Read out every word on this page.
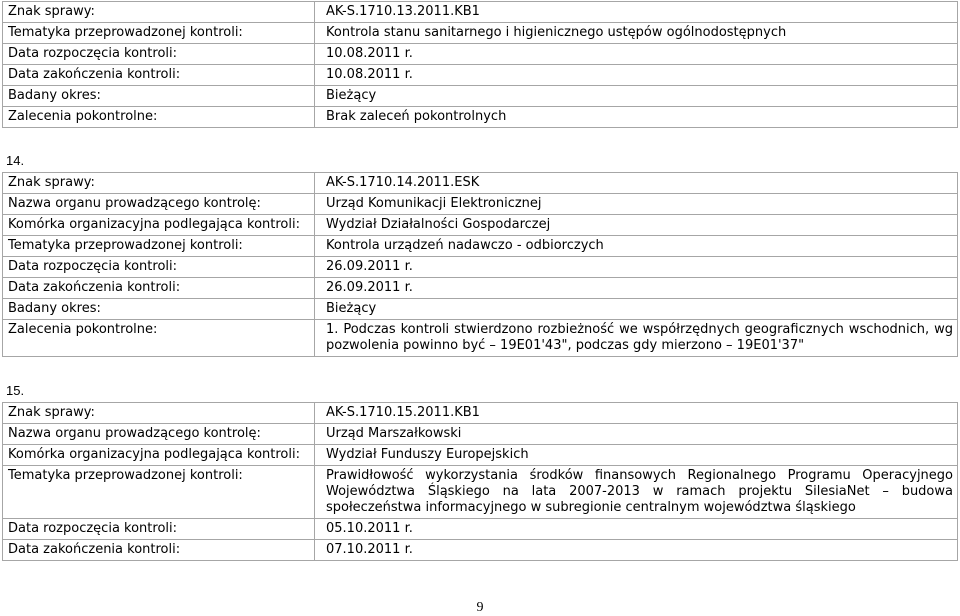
Znak sprawy:	AK-S.1710.13.2011.KB1
Tematyka przeprowadzonej kontroli:	Kontrola stanu sanitarnego i higienicznego ustępów ogólnodostępnych
Data rozpoczęcia kontroli:	10.08.2011 r.
Data zakończenia kontroli:	10.08.2011 r.
Badany okres:	Bieżący
Zalecenia pokontrolne:	Brak zaleceń pokontrolnych
14.
Znak sprawy:	AK-S.1710.14.2011.ESK
Nazwa organu prowadzącego kontrolę:	Urząd Komunikacji Elektronicznej
Komórka organizacyjna podlegająca kontroli:	Wydział Działalności Gospodarczej
Tematyka przeprowadzonej kontroli:	Kontrola urządzeń nadawczo - odbiorczych
Data rozpoczęcia kontroli:	26.09.2011 r.
Data zakończenia kontroli:	26.09.2011 r.
Badany okres:	Bieżący
Zalecenia pokontrolne:	1. Podczas kontroli stwierdzono rozbieżność we współrzędnych geograficznych wschodnich, wg pozwolenia powinno być – 19E01'43", podczas gdy mierzono – 19E01'37"
15.
Znak sprawy:	AK-S.1710.15.2011.KB1
Nazwa organu prowadzącego kontrolę:	Urząd Marszałkowski
Komórka organizacyjna podlegająca kontroli:	Wydział Funduszy Europejskich
Tematyka przeprowadzonej kontroli:	Prawidłowość wykorzystania środków finansowych Regionalnego Programu Operacyjnego Województwa Śląskiego na lata 2007-2013 w ramach projektu SilesiaNet – budowa społeczeństwa informacyjnego w subregionie centralnym województwa śląskiego
Data rozpoczęcia kontroli:	05.10.2011 r.
Data zakończenia kontroli:	07.10.2011 r.
9
